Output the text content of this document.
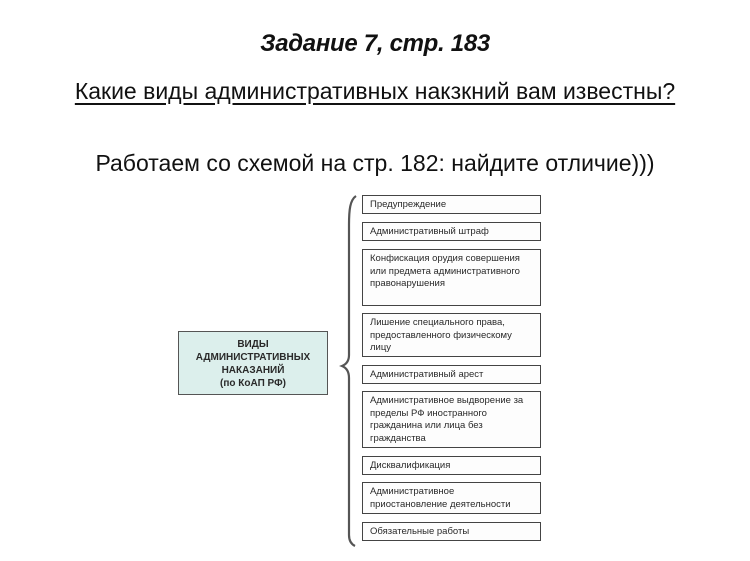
Задание 7, стр. 183
Какие виды административных накзкний вам известны?
Работаем со схемой на стр. 182: найдите отличие)))

ВИДЫ
АДМИНИСТРАТИВНЫХ
НАКАЗАНИЙ
(по КоАП РФ)
Предупреждение
Административный штраф
Конфискация орудия совершения или предмета административного правонарушения
Лишение специального права, предоставленного физическому лицу
Административный арест
Административное выдворение за пределы РФ иностранного гражданина или лица без гражданства
Дисквалификация
Административное приостановление деятельности
Обязательные работы
